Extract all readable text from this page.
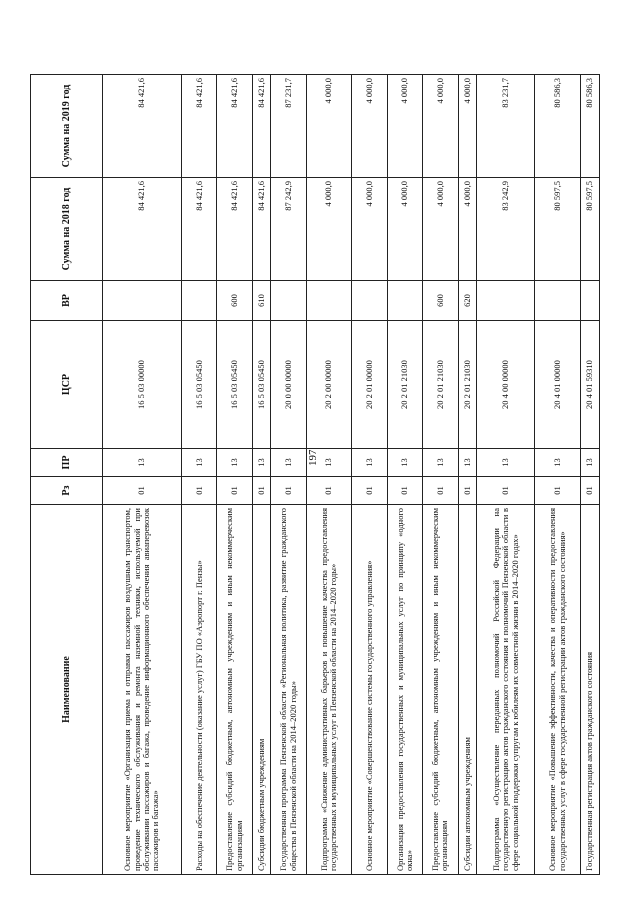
197
Наименование	Рз	ПР	ЦСР	ВР	Сумма на 2018 год	Сумма на 2019 год
Основное мероприятие «Организация приема и отправки пассажиров воздушным транспортом, проведение технического обслуживания и ремонта наземной техники, используемой при обслуживании пассажиров и багажа, проведение информационного обеспечения авиаперевозок пассажиров и багажа»	01	13	16 5 03 00000		84 421,6	84 421,6
Расходы на обеспечение деятельности (оказание услуг) ГБУ ПО «Аэропорт г. Пензы»	01	13	16 5 03 05450		84 421,6	84 421,6
Предоставление субсидий бюджетным, автономным учреждениям и иным некоммерческим организациям	01	13	16 5 03 05450	600	84 421,6	84 421,6
Субсидии бюджетным учреждениям	01	13	16 5 03 05450	610	84 421,6	84 421,6
Государственная программа Пензенской области «Региональная политика, развитие гражданского общества в Пензенской области на 2014–2020 годы»	01	13	20 0 00 00000		87 242,9	87 231,7
Подпрограмма «Снижение административных барьеров и повышение качества предоставления государственных и муниципальных услуг в Пензенской области на 2014–2020 годы»	01	13	20 2 00 00000		4 000,0	4 000,0
Основное мероприятие «Совершенствование системы государственного управления»	01	13	20 2 01 00000		4 000,0	4 000,0
Организация предоставления государственных и муниципальных услуг по принципу «одного окна»	01	13	20 2 01 21030		4 000,0	4 000,0
Предоставление субсидий бюджетным, автономным учреждениям и иным некоммерческим организациям	01	13	20 2 01 21030	600	4 000,0	4 000,0
Субсидии автономным учреждениям	01	13	20 2 01 21030	620	4 000,0	4 000,0
Подпрограмма «Осуществление переданных полномочий Российской Федерации на государственную регистрацию актов гражданского состояния и полномочий Пензенской области в сфере социальной поддержки супругам к юбилеям их совместной жизни в 2014–2020 годах»	01	13	20 4 00 00000		83 242,9	83 231,7
Основное мероприятие «Повышение эффективности, качества и оперативности предоставления государственных услуг в сфере государственной регистрации актов гражданского состояния»	01	13	20 4 01 00000		80 597,5	80 586,3
Государственная регистрация актов гражданского состояния	01	13	20 4 01 59310		80 597,5	80 586,3
